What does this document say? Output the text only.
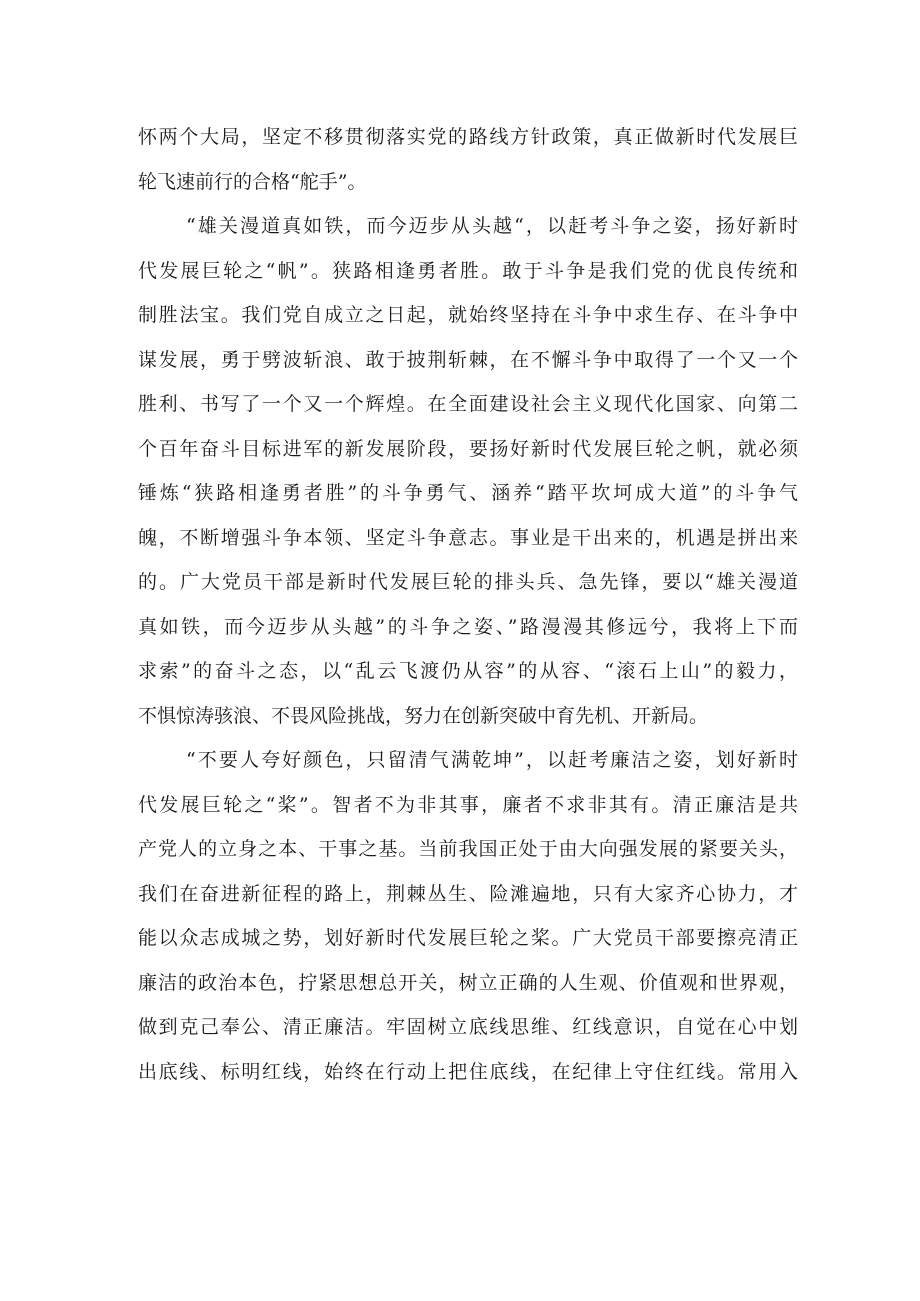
怀两个大局，坚定不移贯彻落实党的路线方针政策，真正做新时代发展巨
轮飞速前行的合格“舵手”。
“雄关漫道真如铁，而今迈步从头越“，以赶考斗争之姿，扬好新时
代发展巨轮之“帆”。狭路相逢勇者胜。敢于斗争是我们党的优良传统和
制胜法宝。我们党自成立之日起，就始终坚持在斗争中求生存、在斗争中
谋发展，勇于劈波斩浪、敢于披荆斩棘，在不懈斗争中取得了一个又一个
胜利、书写了一个又一个辉煌。在全面建设社会主义现代化国家、向第二
个百年奋斗目标进军的新发展阶段，要扬好新时代发展巨轮之帆，就必须
锤炼“狭路相逢勇者胜”的斗争勇气、涵养“踏平坎坷成大道”的斗争气
魄，不断增强斗争本领、坚定斗争意志。事业是干出来的，机遇是拼出来
的。广大党员干部是新时代发展巨轮的排头兵、急先锋，要以“雄关漫道
真如铁，而今迈步从头越”的斗争之姿、”路漫漫其修远兮，我将上下而
求索”的奋斗之态，以“乱云飞渡仍从容”的从容、“滚石上山”的毅力，
不惧惊涛骇浪、不畏风险挑战，努力在创新突破中育先机、开新局。
“不要人夸好颜色，只留清气满乾坤”，以赶考廉洁之姿，划好新时
代发展巨轮之“桨”。智者不为非其事，廉者不求非其有。清正廉洁是共
产党人的立身之本、干事之基。当前我国正处于由大向强发展的紧要关头，
我们在奋进新征程的路上，荆棘丛生、险滩遍地，只有大家齐心协力，才
能以众志成城之势，划好新时代发展巨轮之桨。广大党员干部要擦亮清正
廉洁的政治本色，拧紧思想总开关，树立正确的人生观、价值观和世界观，
做到克己奉公、清正廉洁。牢固树立底线思维、红线意识，自觉在心中划
出底线、标明红线，始终在行动上把住底线，在纪律上守住红线。常用入
